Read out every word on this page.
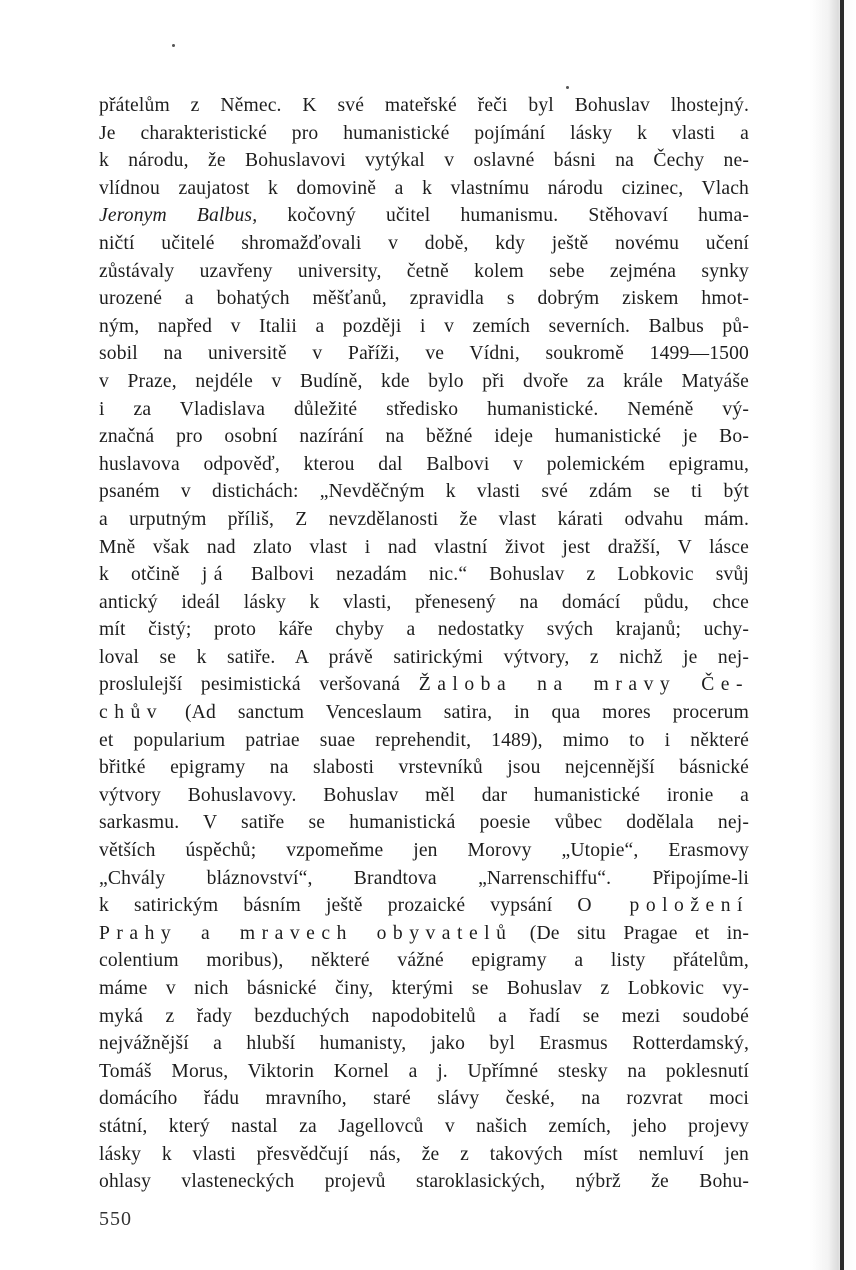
přátelům z Němec. K své mateřské řeči byl Bohuslav lhostejný.
Je charakteristické pro humanistické pojímání lásky k vlasti a
k národu, že Bohuslavovi vytýkal v oslavné básni na Čechy ne-
vlídnou zaujatost k domovině a k vlastnímu národu cizinec, Vlach
Jeronym Balbus, kočovný učitel humanismu. Stěhovaví huma-
ničtí učitelé shromažďovali v době, kdy ještě novému učení
zůstávaly uzavřeny university, četně kolem sebe zejména synky
urozené a bohatých měšťanů, zpravidla s dobrým ziskem hmot-
ným, napřed v Italii a později i v zemích severních. Balbus pů-
sobil na universitě v Paříži, ve Vídni, soukromě 1499—1500
v Praze, nejdéle v Budíně, kde bylo při dvoře za krále Matyáše
i za Vladislava důležité středisko humanistické. Neméně vý-
značná pro osobní nazírání na běžné ideje humanistické je Bo-
huslavova odpověď, kterou dal Balbovi v polemickém epigramu,
psaném v distichách: „Nevděčným k vlasti své zdám se ti být
a urputným příliš, Z nevzdělanosti že vlast kárati odvahu mám.
Mně však nad zlato vlast i nad vlastní život jest dražší, V lásce
k otčině já Balbovi nezadám nic.“ Bohuslav z Lobkovic svůj
antický ideál lásky k vlasti, přenesený na domácí půdu, chce
mít čistý; proto káře chyby a nedostatky svých krajanů; uchy-
loval se k satiře. A právě satirickými výtvory, z nichž je nej-
proslulejší pesimistická veršovaná Žaloba na mravy Če-
chův (Ad sanctum Venceslaum satira, in qua mores procerum
et popularium patriae suae reprehendit, 1489), mimo to i některé
břitké epigramy na slabosti vrstevníků jsou nejcennější básnické
výtvory Bohuslavovy. Bohuslav měl dar humanistické ironie a
sarkasmu. V satiře se humanistická poesie vůbec dodělala nej-
větších úspěchů; vzpomeňme jen Morovy „Utopie“, Erasmovy
„Chvály bláznovství“, Brandtova „Narrenschiffu“. Připojíme-li
k satirickým básním ještě prozaické vypsání O položení
Prahy a mravech obyvatelů (De situ Pragae et in-
colentium moribus), některé vážné epigramy a listy přátelům,
máme v nich básnické činy, kterými se Bohuslav z Lobkovic vy-
myká z řady bezduchých napodobitelů a řadí se mezi soudobé
nejvážnější a hlubší humanisty, jako byl Erasmus Rotterdamský,
Tomáš Morus, Viktorin Kornel a j. Upřímné stesky na poklesnutí
domácího řádu mravního, staré slávy české, na rozvrat moci
státní, který nastal za Jagellovců v našich zemích, jeho projevy
lásky k vlasti přesvědčují nás, že z takových míst nemluví jen
ohlasy vlasteneckých projevů staroklasických, nýbrž že Bohu-
550
